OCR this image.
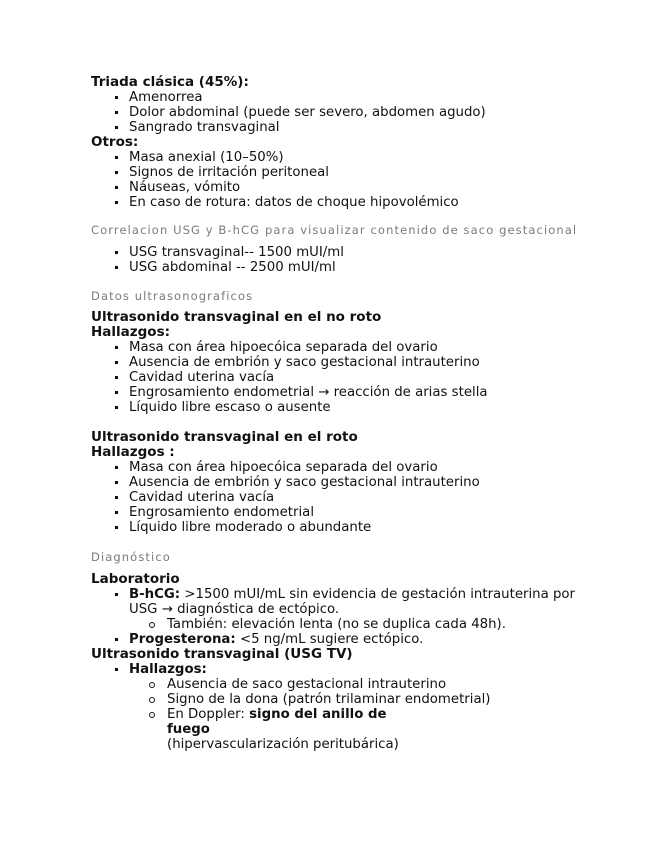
Triada clásica (45%):
Amenorrea
Dolor abdominal (puede ser severo, abdomen agudo)
Sangrado transvaginal
Otros:
Masa anexial (10–50%)
Signos de irritación peritoneal
Náuseas, vómito
En caso de rotura: datos de choque hipovolémico
Correlacion USG y B-hCG para visualizar contenido de saco gestacional
USG transvaginal-- 1500 mUI/ml
USG abdominal -- 2500 mUI/ml
Datos ultrasonograficos
Ultrasonido transvaginal en el no roto
Hallazgos:
Masa con área hipoecóica separada del ovario
Ausencia de embrión y saco gestacional intrauterino
Cavidad uterina vacía
Engrosamiento endometrial → reacción de arias stella
Líquido libre escaso o ausente
Ultrasonido transvaginal en el roto
Hallazgos :
Masa con área hipoecóica separada del ovario
Ausencia de embrión y saco gestacional intrauterino
Cavidad uterina vacía
Engrosamiento endometrial
Líquido libre moderado o abundante
Diagnóstico
Laboratorio
B-hCG: >1500 mUI/mL sin evidencia de gestación intrauterina por USG → diagnóstica de ectópico.
También: elevación lenta (no se duplica cada 48h).
Progesterona: <5 ng/mL sugiere ectópico.
Ultrasonido transvaginal (USG TV)
Hallazgos:
Ausencia de saco gestacional intrauterino
Signo de la dona (patrón trilaminar endometrial)
En Doppler: signo del anillo de fuego
(hipervascularización peritubárica)
